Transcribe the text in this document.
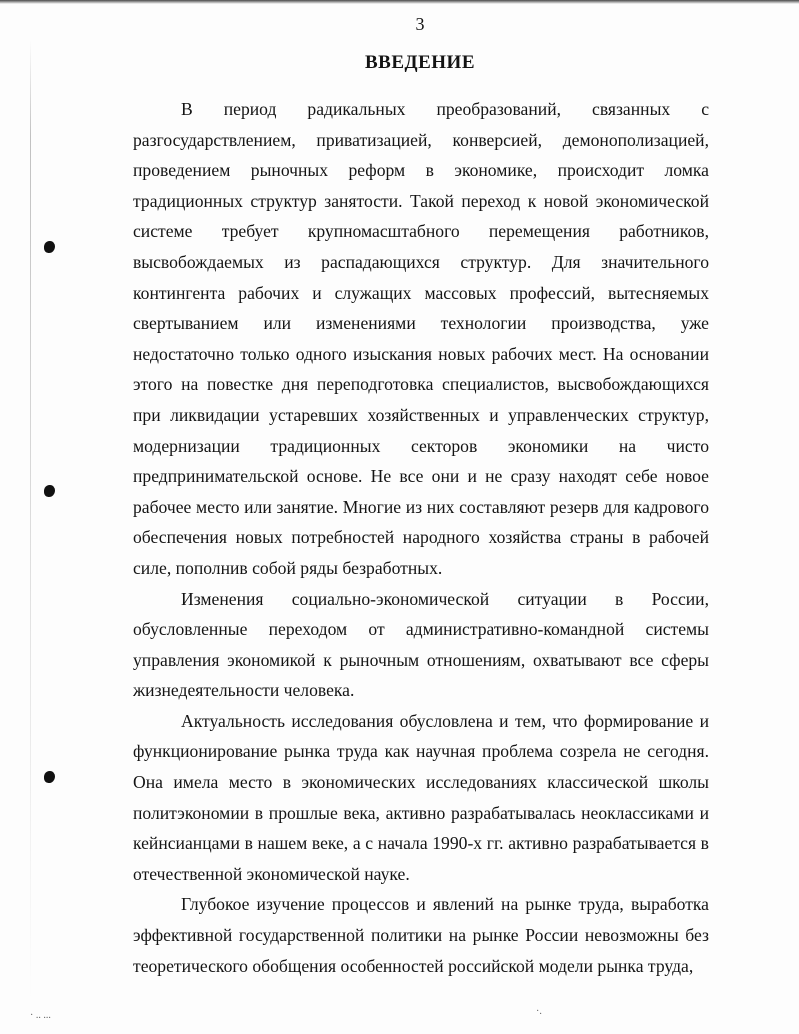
3
ВВЕДЕНИЕ

В период радикальных преобразований, связанных с разгосударствлением, приватизацией, конверсией, демонополизацией, проведением рыночных реформ в экономике, происходит ломка традиционных структур занятости. Такой переход к новой экономической системе требует крупномасштабного перемещения работников, высвобождаемых из распадающихся структур. Для значительного контингента рабочих и служащих массовых профессий, вытесняемых свертыванием или изменениями технологии производства, уже недостаточно только одного изыскания новых рабочих мест. На основании этого на повестке дня переподготовка специалистов, высвобождающихся при ликвидации устаревших хозяйственных и управленческих структур, модернизации традиционных секторов экономики на чисто предпринимательской основе. Не все они и не сразу находят себе новое рабочее место или занятие. Многие из них составляют резерв для кадрового обеспечения новых потребностей народного хозяйства страны в рабочей силе, пополнив собой ряды безработных.

Изменения социально-экономической ситуации в России, обусловленные переходом от административно-командной системы управления экономикой к рыночным отношениям, охватывают все сферы жизнедеятельности человека.

Актуальность исследования обусловлена и тем, что формирование и функционирование рынка труда как научная проблема созрела не сегодня. Она имела место в экономических исследованиях классической школы политэкономии в прошлые века, активно разрабатывалась неоклассиками и кейнсианцами в нашем веке, а с начала 1990-х гг. активно разрабатывается в отечественной экономической науке.

Глубокое изучение процессов и явлений на рынке труда, выработка эффективной государственной политики на рынке России невозможны без теоретического обобщения особенностей российской модели рынка труда,

· .. ...	·.
